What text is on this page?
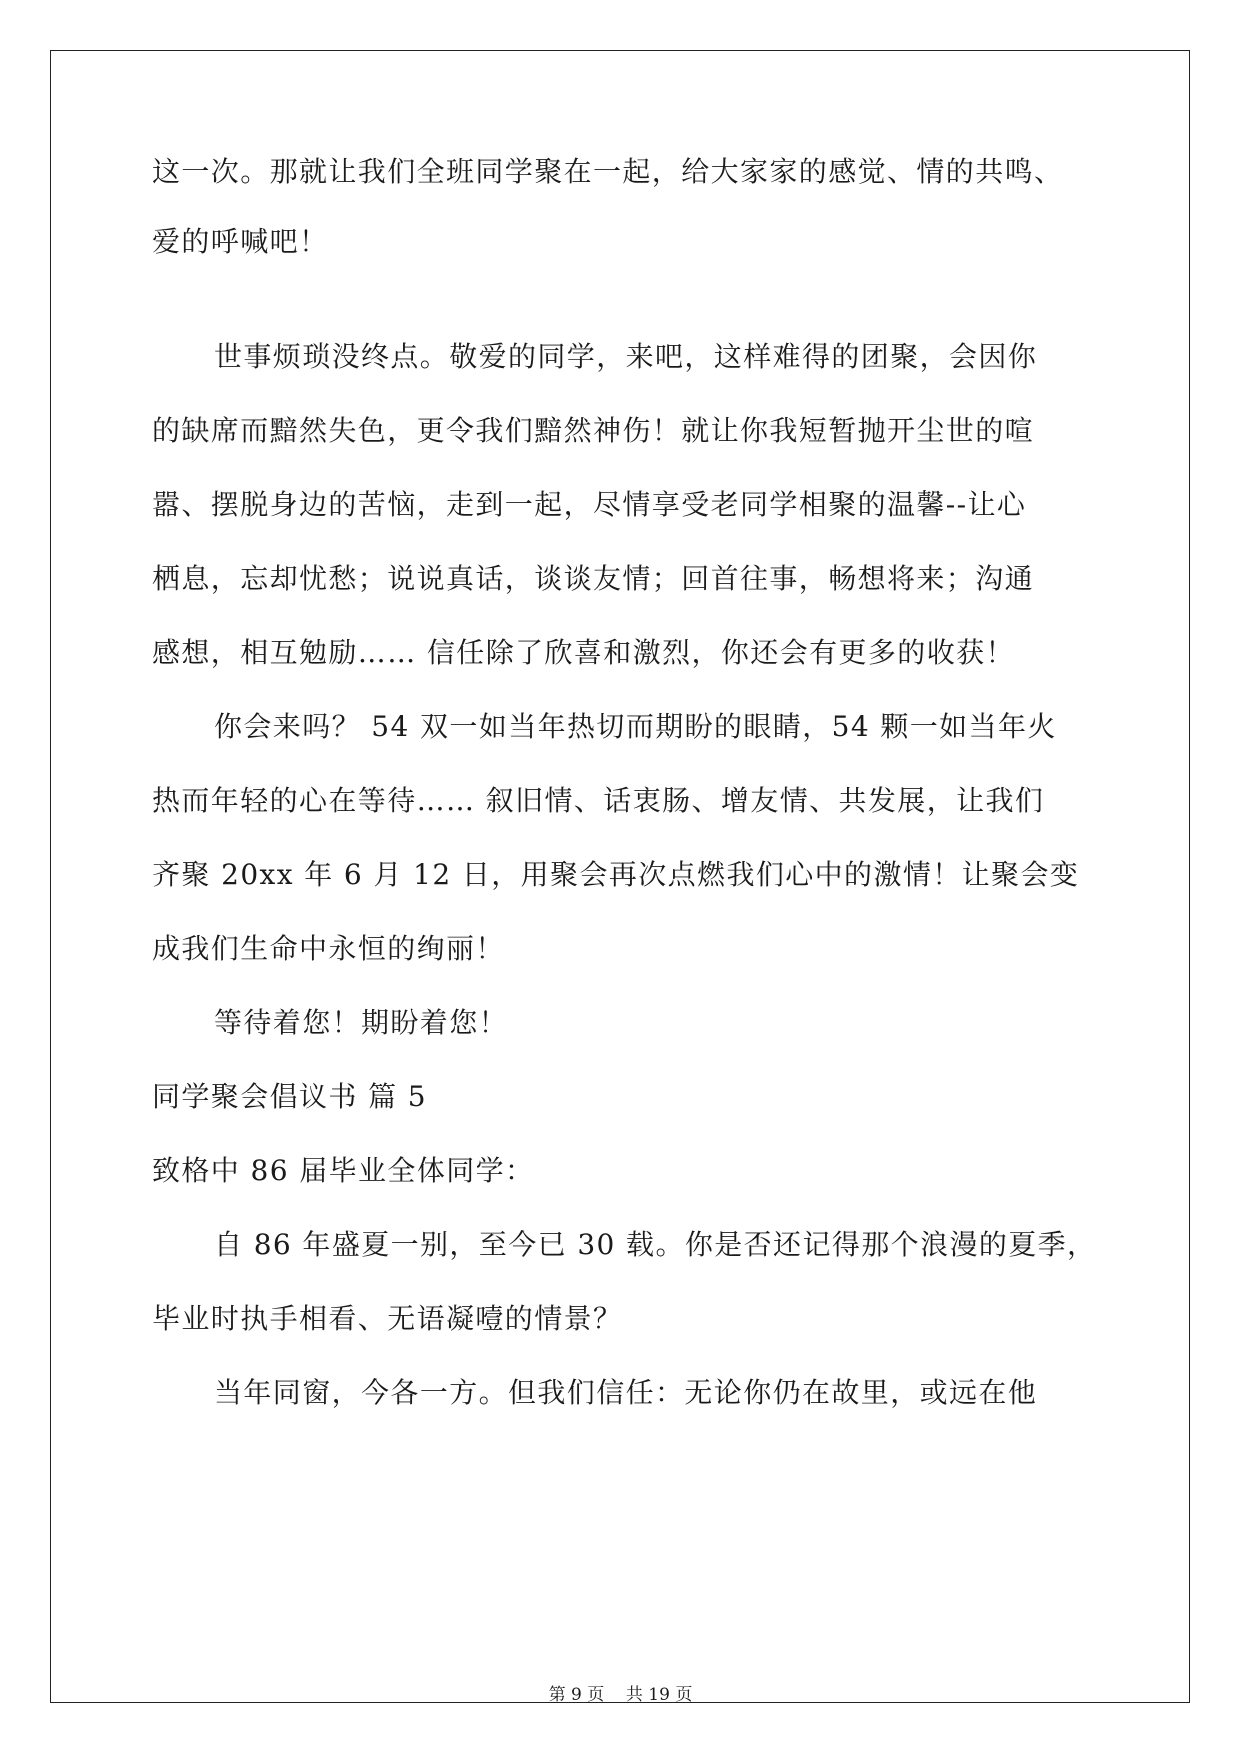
这一次。那就让我们全班同学聚在一起，给大家家的感觉、情的共鸣、
爱的呼喊吧！
世事烦琐没终点。敬爱的同学，来吧，这样难得的团聚，会因你
的缺席而黯然失色，更令我们黯然神伤！就让你我短暂抛开尘世的喧
嚣、摆脱身边的苦恼，走到一起，尽情享受老同学相聚的温馨--让心
栖息，忘却忧愁；说说真话，谈谈友情；回首往事，畅想将来；沟通
感想，相互勉励…… 信任除了欣喜和激烈，你还会有更多的收获！
你会来吗？ 54 双一如当年热切而期盼的眼睛，54 颗一如当年火
热而年轻的心在等待…… 叙旧情、话衷肠、增友情、共发展，让我们
齐聚 20xx 年 6 月 12 日，用聚会再次点燃我们心中的激情！让聚会变
成我们生命中永恒的绚丽！
等待着您！期盼着您！
同学聚会倡议书 篇 5
致格中 86 届毕业全体同学：
自 86 年盛夏一别，至今已 30 载。你是否还记得那个浪漫的夏季，
毕业时执手相看、无语凝噎的情景？
当年同窗，今各一方。但我们信任：无论你仍在故里，或远在他
第 9 页    共 19 页
